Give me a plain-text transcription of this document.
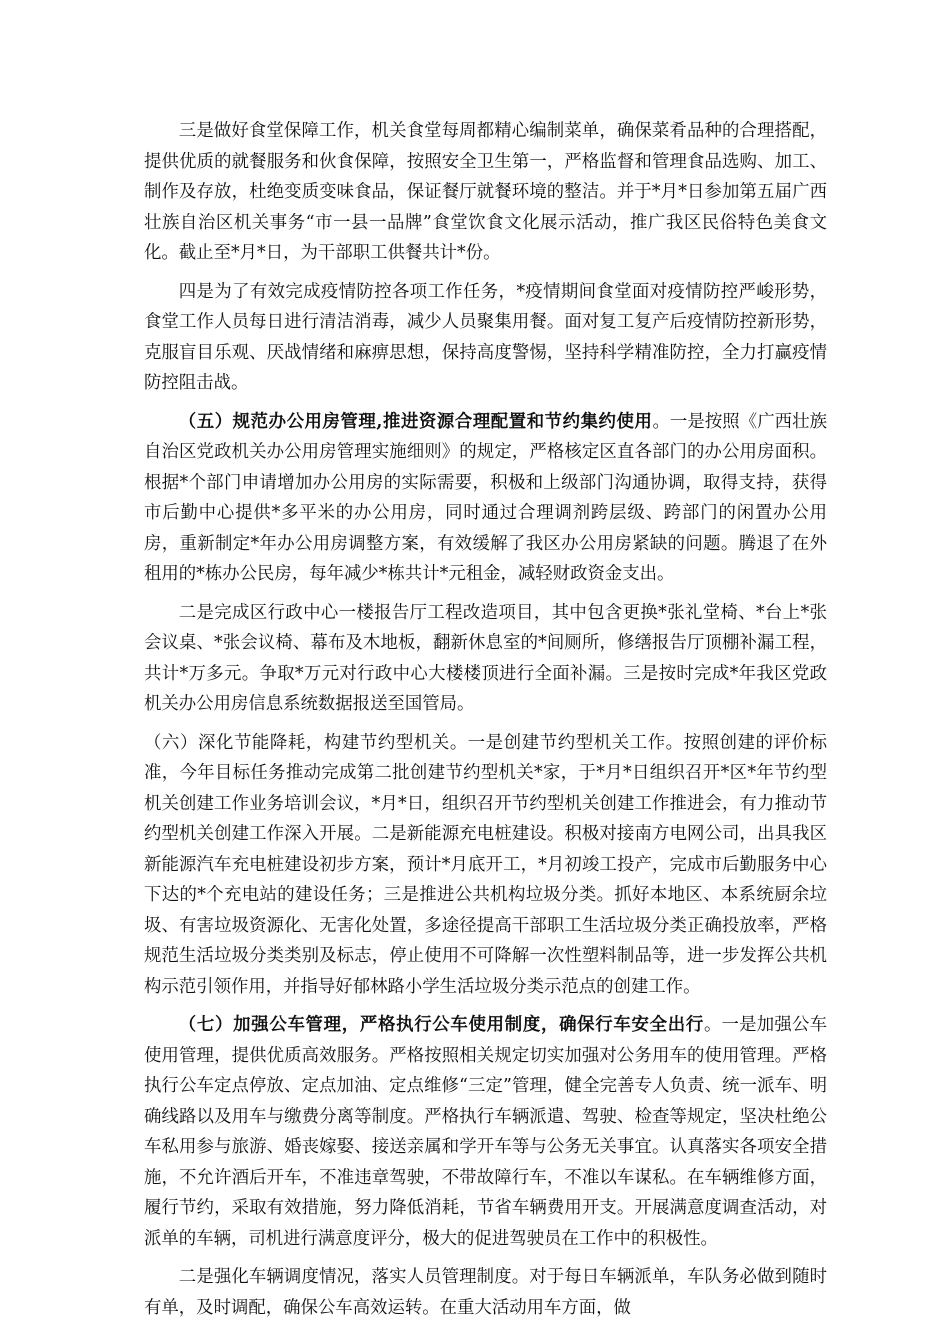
三是做好食堂保障工作，机关食堂每周都精心编制菜单，确保菜肴品种的合理搭配，提供优质的就餐服务和伙食保障，按照安全卫生第一，严格监督和管理食品选购、加工、制作及存放，杜绝变质变味食品，保证餐厅就餐环境的整洁。并于*月*日参加第五届广西壮族自治区机关事务“市一县一品牌”食堂饮食文化展示活动，推广我区民俗特色美食文化。截止至*月*日，为干部职工供餐共计*份。

四是为了有效完成疫情防控各项工作任务，*疫情期间食堂面对疫情防控严峻形势，食堂工作人员每日进行清洁消毒，减少人员聚集用餐。面对复工复产后疫情防控新形势，克服盲目乐观、厌战情绪和麻痹思想，保持高度警惕，坚持科学精准防控，全力打赢疫情防控阻击战。

（五）规范办公用房管理,推进资源合理配置和节约集约使用。一是按照《广西壮族自治区党政机关办公用房管理实施细则》的规定，严格核定区直各部门的办公用房面积。根据*个部门申请增加办公用房的实际需要，积极和上级部门沟通协调，取得支持，获得市后勤中心提供*多平米的办公用房，同时通过合理调剂跨层级、跨部门的闲置办公用房，重新制定*年办公用房调整方案，有效缓解了我区办公用房紧缺的问题。腾退了在外租用的*栋办公民房，每年减少*栋共计*元租金，减轻财政资金支出。

二是完成区行政中心一楼报告厅工程改造项目，其中包含更换*张礼堂椅、*台上*张会议桌、*张会议椅、幕布及木地板，翻新休息室的*间厕所，修缮报告厅顶棚补漏工程，共计*万多元。争取*万元对行政中心大楼楼顶进行全面补漏。三是按时完成*年我区党政机关办公用房信息系统数据报送至国管局。

（六）深化节能降耗，构建节约型机关。一是创建节约型机关工作。按照创建的评价标准，今年目标任务推动完成第二批创建节约型机关*家，于*月*日组织召开*区*年节约型机关创建工作业务培训会议，*月*日，组织召开节约型机关创建工作推进会，有力推动节约型机关创建工作深入开展。二是新能源充电桩建设。积极对接南方电网公司，出具我区新能源汽车充电桩建设初步方案，预计*月底开工，*月初竣工投产，完成市后勤服务中心下达的*个充电站的建设任务；三是推进公共机构垃圾分类。抓好本地区、本系统厨余垃圾、有害垃圾资源化、无害化处置，多途径提高干部职工生活垃圾分类正确投放率，严格规范生活垃圾分类类别及标志，停止使用不可降解一次性塑料制品等，进一步发挥公共机构示范引领作用，并指导好郁林路小学生活垃圾分类示范点的创建工作。

（七）加强公车管理，严格执行公车使用制度，确保行车安全出行。一是加强公车使用管理，提供优质高效服务。严格按照相关规定切实加强对公务用车的使用管理。严格执行公车定点停放、定点加油、定点维修“三定”管理，健全完善专人负责、统一派车、明确线路以及用车与缴费分离等制度。严格执行车辆派遣、驾驶、检查等规定，坚决杜绝公车私用参与旅游、婚丧嫁娶、接送亲属和学开车等与公务无关事宜。认真落实各项安全措施，不允许酒后开车，不准违章驾驶，不带故障行车，不准以车谋私。在车辆维修方面，履行节约，采取有效措施，努力降低消耗，节省车辆费用开支。开展满意度调查活动，对派单的车辆，司机进行满意度评分，极大的促进驾驶员在工作中的积极性。

二是强化车辆调度情况，落实人员管理制度。对于每日车辆派单，车队务必做到随时有单，及时调配，确保公车高效运转。在重大活动用车方面，做
